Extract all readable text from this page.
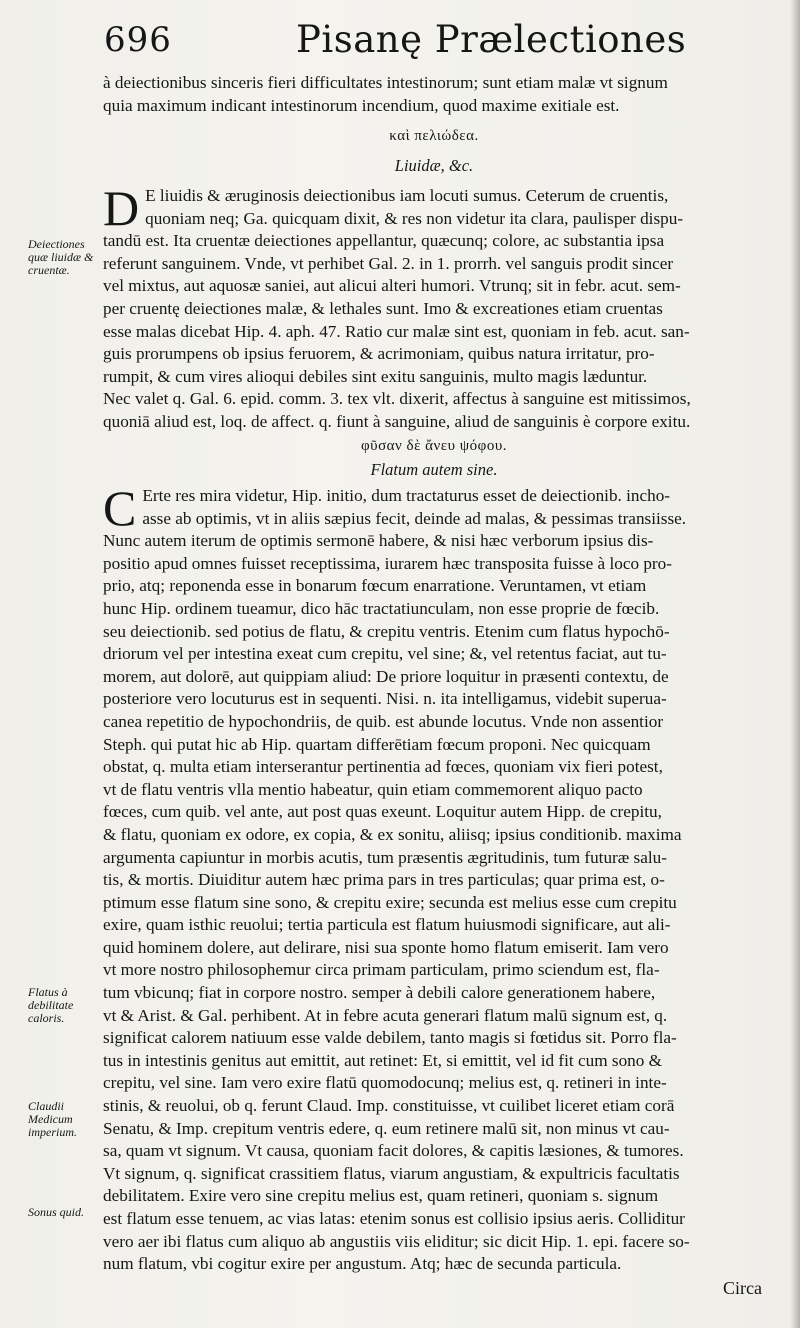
696	Pisanę Prælectiones
à deiectionibus sinceris fieri difficultates intestinorum; sunt etiam malæ vt signum
quia maximum indicant intestinorum incendium, quod maxime exitiale est.
καὶ πελιώδεα.
Liuidæ, &c.
D E liuidis & æruginosis deiectionibus iam locuti sumus. Ceterum de cruentis,
quoniam neq; Ga. quicquam dixit, & res non videtur ita clara, paulisper dispu-
tandū est. Ita cruentæ deiectiones appellantur, quæcunq; colore, ac substantia ipsa
referunt sanguinem. Vnde, vt perhibet Gal. 2. in 1. prorrh. vel sanguis prodit sincer
vel mixtus, aut aquosæ saniei, aut alicui alteri humori. Vtrunq; sit in febr. acut. sem-
per cruentę deiectiones malæ, & lethales sunt. Imo & excreationes etiam cruentas
esse malas dicebat Hip. 4. aph. 47. Ratio cur malæ sint est, quoniam in feb. acut. san-
guis prorumpens ob ipsius feruorem, & acrimoniam, quibus natura irritatur, pro-
rumpit, & cum vires alioqui debiles sint exitu sanguinis, multo magis læduntur.
Nec valet q. Gal. 6. epid. comm. 3. tex vlt. dixerit, affectus à sanguine est mitissimos,
quoniā aliud est, loq. de affect. q. fiunt à sanguine, aliud de sanguinis è corpore exitu.
φῦσαν δὲ ἄνευ ψόφου.
Flatum autem sine.
C Erte res mira videtur, Hip. initio, dum tractaturus esset de deiectionib. incho-
asse ab optimis, vt in aliis sæpius fecit, deinde ad malas, & pessimas transiisse.
Nunc autem iterum de optimis sermonē habere, & nisi hæc verborum ipsius dis-
positio apud omnes fuisset receptissima, iurarem hæc transposita fuisse à loco pro-
prio, atq; reponenda esse in bonarum fœcum enarratione. Veruntamen, vt etiam
hunc Hip. ordinem tueamur, dico hāc tractatiunculam, non esse proprie de fœcib.
seu deiectionib. sed potius de flatu, & crepitu ventris. Etenim cum flatus hypochō-
driorum vel per intestina exeat cum crepitu, vel sine; &, vel retentus faciat, aut tu-
morem, aut dolorē, aut quippiam aliud: De priore loquitur in præsenti contextu, de
posteriore vero locuturus est in sequenti. Nisi. n. ita intelligamus, videbit superua-
canea repetitio de hypochondriis, de quib. est abunde locutus. Vnde non assentior
Steph. qui putat hic ab Hip. quartam differētiam fœcum proponi. Nec quicquam
obstat, q. multa etiam interserantur pertinentia ad fœces, quoniam vix fieri potest,
vt de flatu ventris vlla mentio habeatur, quin etiam commemorent aliquo pacto
fœces, cum quib. vel ante, aut post quas exeunt. Loquitur autem Hipp. de crepitu,
& flatu, quoniam ex odore, ex copia, & ex sonitu, aliisq; ipsius conditionib. maxima
argumenta capiuntur in morbis acutis, tum præsentis ægritudinis, tum futuræ salu-
tis, & mortis. Diuiditur autem hæc prima pars in tres particulas; quar prima est, o-
ptimum esse flatum sine sono, & crepitu exire; secunda est melius esse cum crepitu
exire, quam isthic reuolui; tertia particula est flatum huiusmodi significare, aut ali-
quid hominem dolere, aut delirare, nisi sua sponte homo flatum emiserit. Iam vero
vt more nostro philosophemur circa primam particulam, primo sciendum est, fla-
tum vbicunq; fiat in corpore nostro. semper à debili calore generationem habere,
vt & Arist. & Gal. perhibent. At in febre acuta generari flatum malū signum est, q.
significat calorem natiuum esse valde debilem, tanto magis si fœtidus sit. Porro fla-
tus in intestinis genitus aut emittit, aut retinet: Et, si emittit, vel id fit cum sono &
crepitu, vel sine. Iam vero exire flatū quomodocunq; melius est, q. retineri in inte-
stinis, & reuolui, ob q. ferunt Claud. Imp. constituisse, vt cuilibet liceret etiam corā
Senatu, & Imp. crepitum ventris edere, q. eum retinere malū sit, non minus vt cau-
sa, quam vt signum. Vt causa, quoniam facit dolores, & capitis læsiones, & tumores.
Vt signum, q. significat crassitiem flatus, viarum angustiam, & expultricis facultatis
debilitatem. Exire vero sine crepitu melius est, quam retineri, quoniam s. signum
est flatum esse tenuem, ac vias latas: etenim sonus est collisio ipsius aeris. Colliditur
vero aer ibi flatus cum aliquo ab angustiis viis eliditur; sic dicit Hip. 1. epi. facere so-
num flatum, vbi cogitur exire per angustum. Atq; hæc de secunda particula.
Deiectiones quæ liuidæ & cruentæ.
Flatus à debilitate caloris.
Claudii Medicum imperium.
Sonus quid.
Circa
